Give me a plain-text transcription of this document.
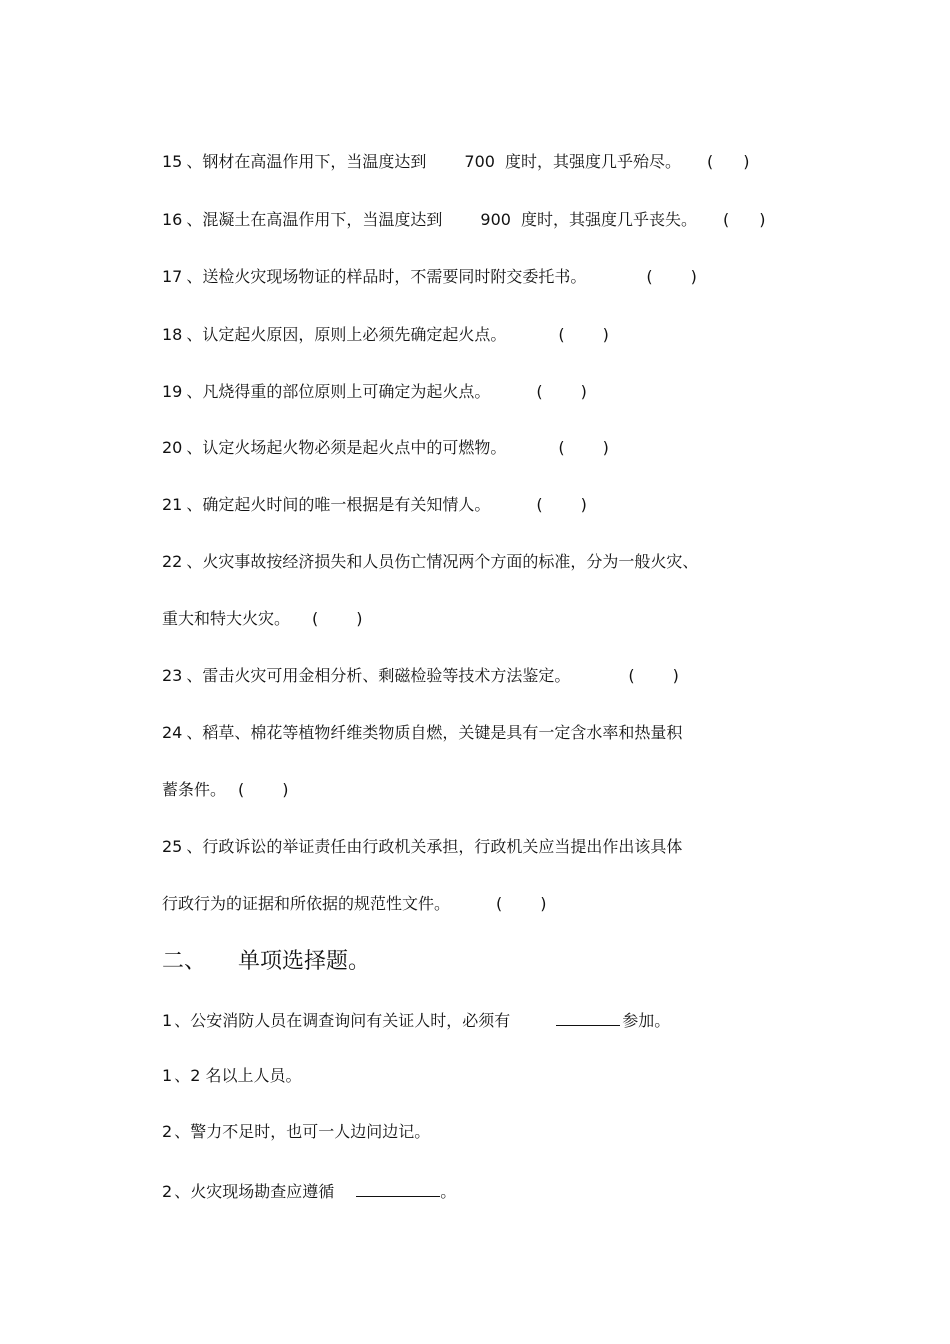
15 、钢材在高温作用下，当温度达到 700 度时，其强度几乎殆尽。 ( )
16 、混凝土在高温作用下，当温度达到 900 度时，其强度几乎丧失。 ( )
17 、送检火灾现场物证的样品时，不需要同时附交委托书。	( )
18 、认定起火原因，原则上必须先确定起火点。	( )
19 、凡烧得重的部位原则上可确定为起火点。	( )
20 、认定火场起火物必须是起火点中的可燃物。	( )
21 、确定起火时间的唯一根据是有关知情人。	( )
22 、火灾事故按经济损失和人员伤亡情况两个方面的标准，分为一般火灾、
重大和特大火灾。 ( )
23 、雷击火灾可用金相分析、剩磁检验等技术方法鉴定。	( )
24 、稻草、棉花等植物纤维类物质自燃，关键是具有一定含水率和热量积
蓄条件。 ( )
25 、行政诉讼的举证责任由行政机关承担，行政机关应当提出作出该具体
行政行为的证据和所依据的规范性文件。	( )
二、 单项选择题。
1 、公安消防人员在调查询问有关证人时，必须有	参加。
1 、2 名以上人员。
2 、警力不足时，也可一人边问边记。
2 、火灾现场勘查应遵循	。
